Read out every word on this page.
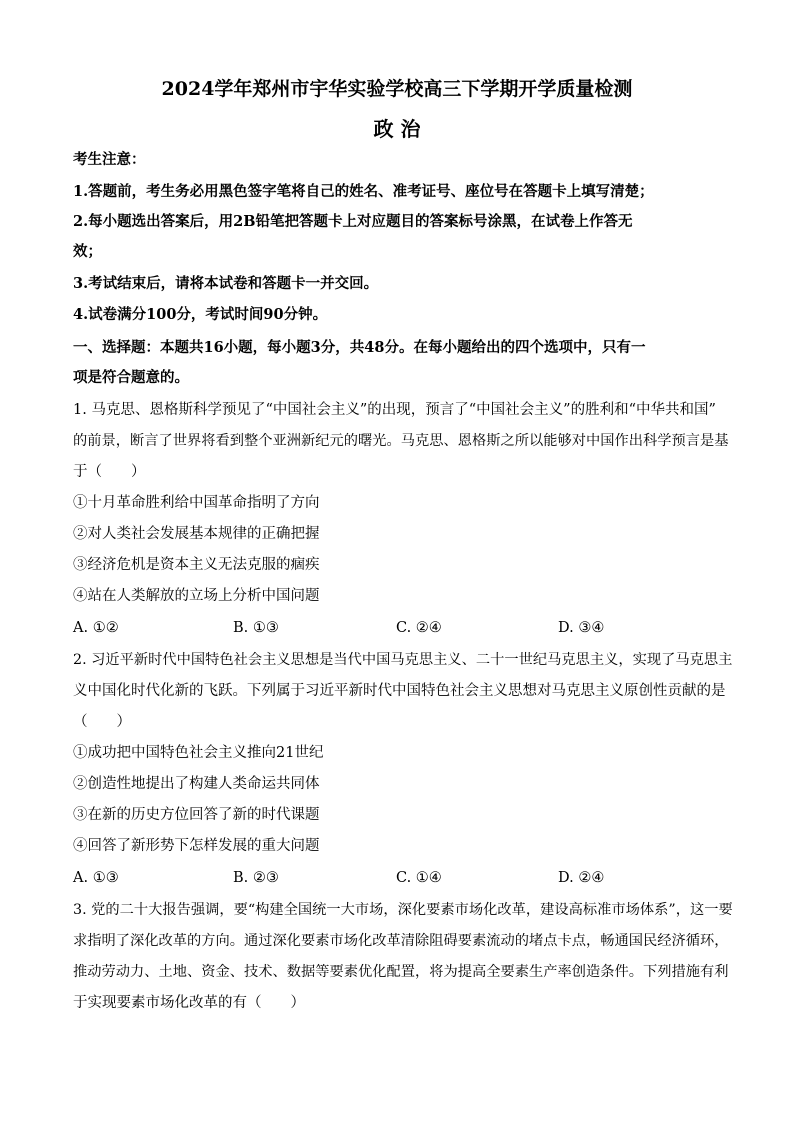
2024学年郑州市宇华实验学校高三下学期开学质量检测
政 治
考生注意：
1.答题前，考生务必用黑色签字笔将自己的姓名、准考证号、座位号在答题卡上填写清楚；
2.每小题选出答案后，用2B铅笔把答题卡上对应题目的答案标号涂黑，在试卷上作答无
效；
3.考试结束后，请将本试卷和答题卡一并交回。
4.试卷满分100分，考试时间90分钟。
一、选择题：本题共16小题，每小题3分，共48分。在每小题给出的四个选项中，只有一
项是符合题意的。
1. 马克思、恩格斯科学预见了“中国社会主义”的出现，预言了“中国社会主义”的胜利和“中华共和国”
的前景，断言了世界将看到整个亚洲新纪元的曙光。马克思、恩格斯之所以能够对中国作出科学预言是基
于（　　）
①十月革命胜利给中国革命指明了方向
②对人类社会发展基本规律的正确把握
③经济危机是资本主义无法克服的痼疾
④站在人类解放的立场上分析中国问题
A. ①②	B. ①③	C. ②④	D. ③④
2. 习近平新时代中国特色社会主义思想是当代中国马克思主义、二十一世纪马克思主义，实现了马克思主
义中国化时代化新的飞跃。下列属于习近平新时代中国特色社会主义思想对马克思主义原创性贡献的是
（　　）
①成功把中国特色社会主义推向21世纪
②创造性地提出了构建人类命运共同体
③在新的历史方位回答了新的时代课题
④回答了新形势下怎样发展的重大问题
A. ①③	B. ②③	C. ①④	D. ②④
3. 党的二十大报告强调，要“构建全国统一大市场，深化要素市场化改革，建设高标准市场体系”，这一要
求指明了深化改革的方向。通过深化要素市场化改革清除阻碍要素流动的堵点卡点，畅通国民经济循环，
推动劳动力、土地、资金、技术、数据等要素优化配置，将为提高全要素生产率创造条件。下列措施有利
于实现要素市场化改革的有（　　）
